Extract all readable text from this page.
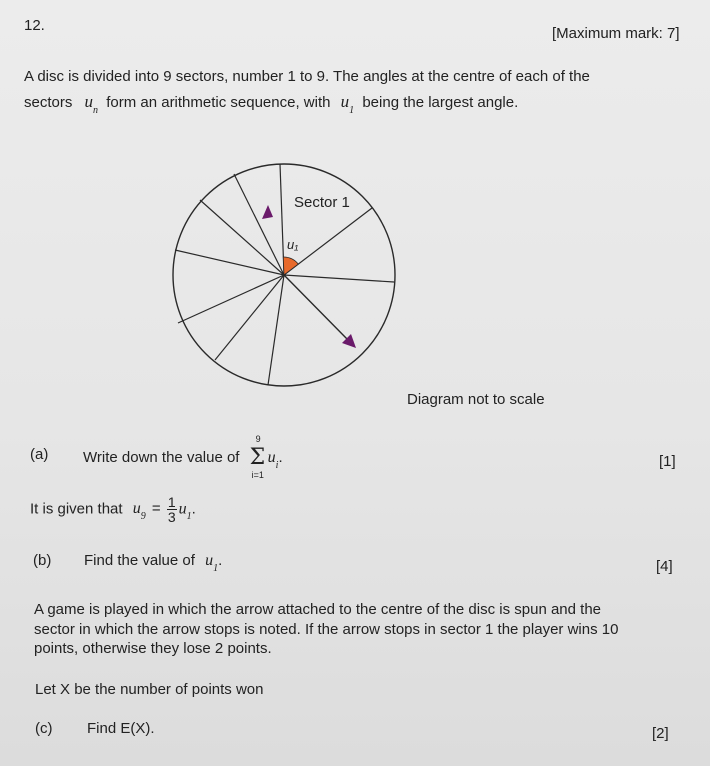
12.	[Maximum mark: 7]
A disc is divided into 9 sectors, number 1 to 9. The angles at the centre of each of the
sectors $u_n$ form an arithmetic sequence, with $u_1$ being the largest angle.
Sector 1
u₁
Diagram not to scale
(a) Write down the value of
9
Σ
i=1
$u_i$.	[1]
It is given that $u_9 = \frac{1}{3} u_1$.
(b) Find the value of $u_1$.	[4]
A game is played in which the arrow attached to the centre of the disc is spun and the
sector in which the arrow stops is noted. If the arrow stops in sector 1 the player wins 10
points, otherwise they lose 2 points.
Let X be the number of points won
(c) Find E(X).	[2]
